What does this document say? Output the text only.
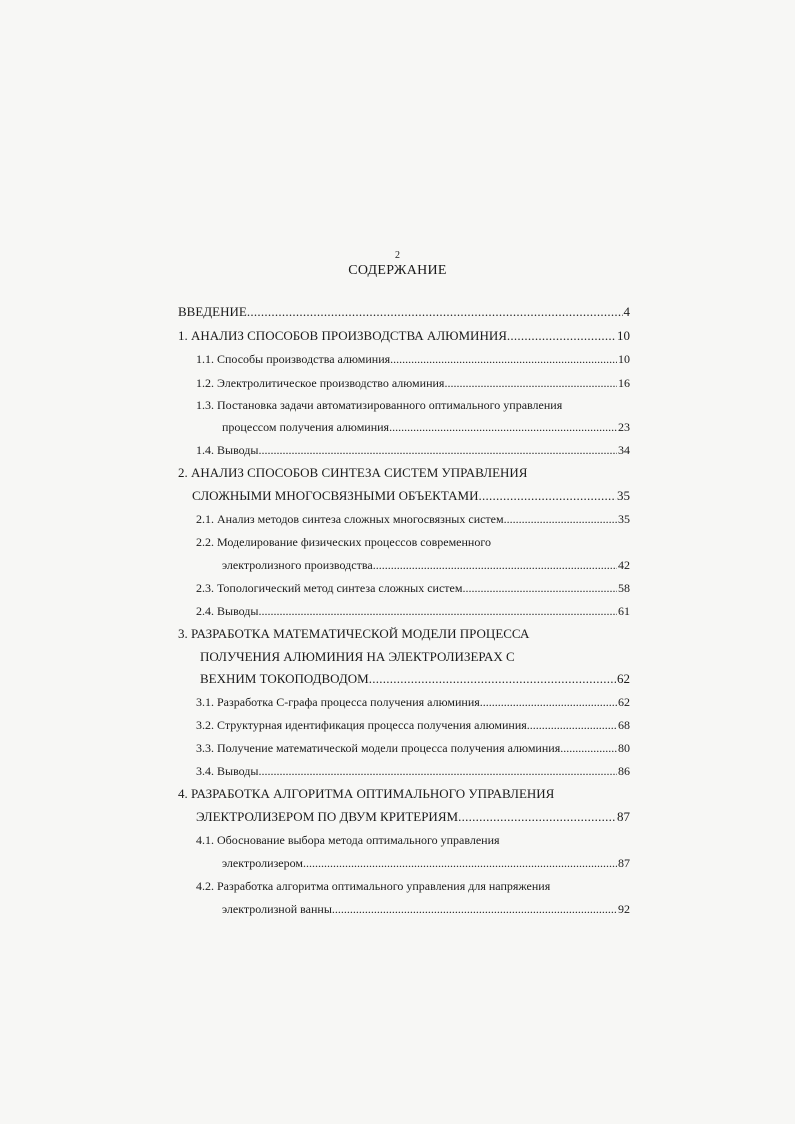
2
СОДЕРЖАНИЕ
ВВЕДЕНИЕ . . .	4
1. АНАЛИЗ СПОСОБОВ ПРОИЗВОДСТВА АЛЮМИНИЯ . . .	10
1.1. Способы производства алюминия . . .	10
1.2. Электролитическое производство алюминия . . .	16
1.3. Постановка задачи автоматизированного оптимального управления
процессом получения алюминия . . .	23
1.4. Выводы . . .	34
2. АНАЛИЗ СПОСОБОВ СИНТЕЗА СИСТЕМ УПРАВЛЕНИЯ
СЛОЖНЫМИ МНОГОСВЯЗНЫМИ ОБЪЕКТАМИ . . .	35
2.1. Анализ методов синтеза сложных многосвязных систем . . .	35
2.2. Моделирование физических процессов современного
электролизного производства . . .	42
2.3. Топологический метод синтеза сложных систем . . .	58
2.4. Выводы . . .	61
3. РАЗРАБОТКА МАТЕМАТИЧЕСКОЙ МОДЕЛИ ПРОЦЕССА
ПОЛУЧЕНИЯ АЛЮМИНИЯ НА ЭЛЕКТРОЛИЗЕРАХ С
ВЕХНИМ ТОКОПОДВОДОМ . . .	62
3.1. Разработка С-графа процесса получения алюминия . . .	62
3.2. Структурная идентификация процесса получения алюминия . . .	68
3.3. Получение математической модели процесса получения алюминия . . .	80
3.4. Выводы . . .	86
4. РАЗРАБОТКА АЛГОРИТМА ОПТИМАЛЬНОГО УПРАВЛЕНИЯ
ЭЛЕКТРОЛИЗЕРОМ ПО ДВУМ КРИТЕРИЯМ . . .	87
4.1. Обоснование выбора метода оптимального управления
электролизером . . .	87
4.2. Разработка алгоритма оптимального управления для напряжения
электролизной ванны . . .	92
